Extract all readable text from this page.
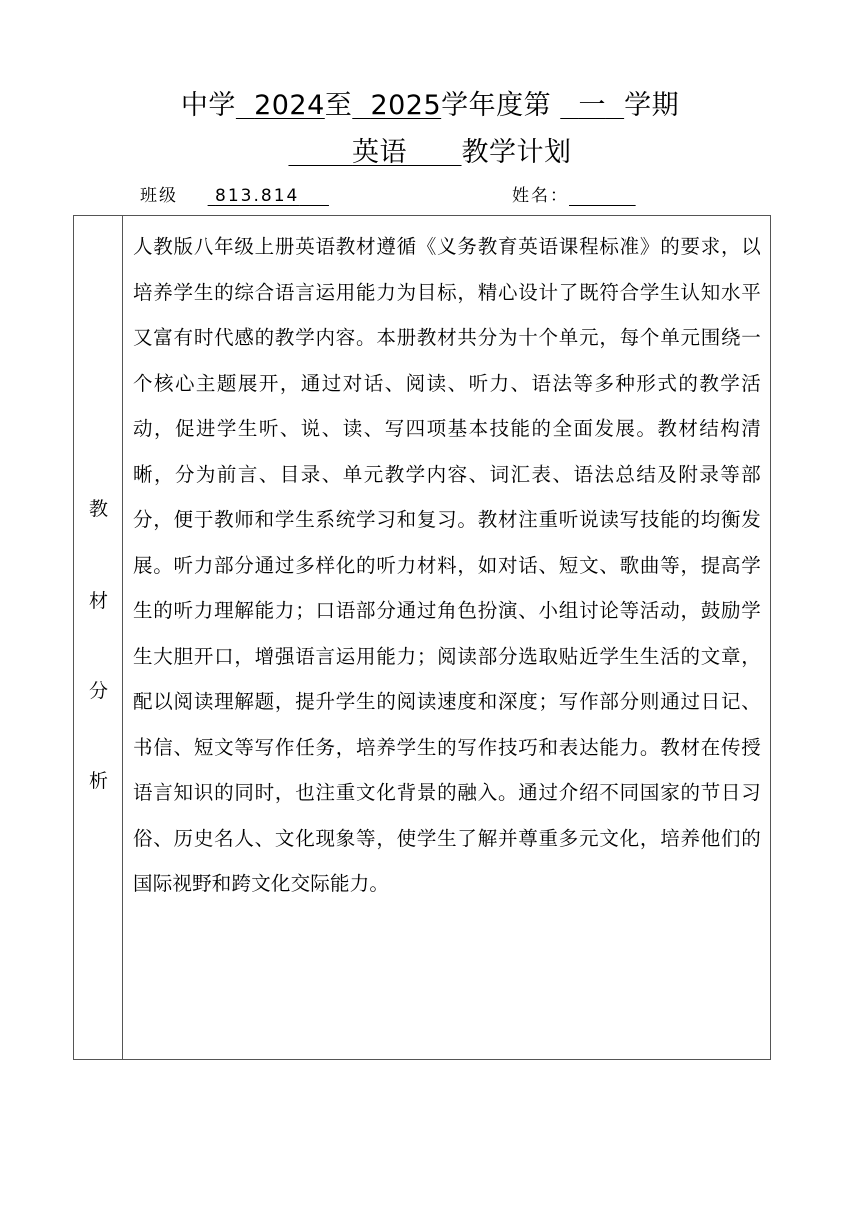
中学 2024至 2025学年度第 一 学期
英语 教学计划
班级 813.814	姓名：
教
材
分
析
人教版八年级上册英语教材遵循《义务教育英语课程标准》的要求，以培养学生的综合语言运用能力为目标，精心设计了既符合学生认知水平又富有时代感的教学内容。本册教材共分为十个单元，每个单元围绕一个核心主题展开，通过对话、阅读、听力、语法等多种形式的教学活动，促进学生听、说、读、写四项基本技能的全面发展。教材结构清晰，分为前言、目录、单元教学内容、词汇表、语法总结及附录等部分，便于教师和学生系统学习和复习。教材注重听说读写技能的均衡发展。听力部分通过多样化的听力材料，如对话、短文、歌曲等，提高学生的听力理解能力；口语部分通过角色扮演、小组讨论等活动，鼓励学生大胆开口，增强语言运用能力；阅读部分选取贴近学生生活的文章，配以阅读理解题，提升学生的阅读速度和深度；写作部分则通过日记、书信、短文等写作任务，培养学生的写作技巧和表达能力。教材在传授语言知识的同时，也注重文化背景的融入。通过介绍不同国家的节日习俗、历史名人、文化现象等，使学生了解并尊重多元文化，培养他们的国际视野和跨文化交际能力。
